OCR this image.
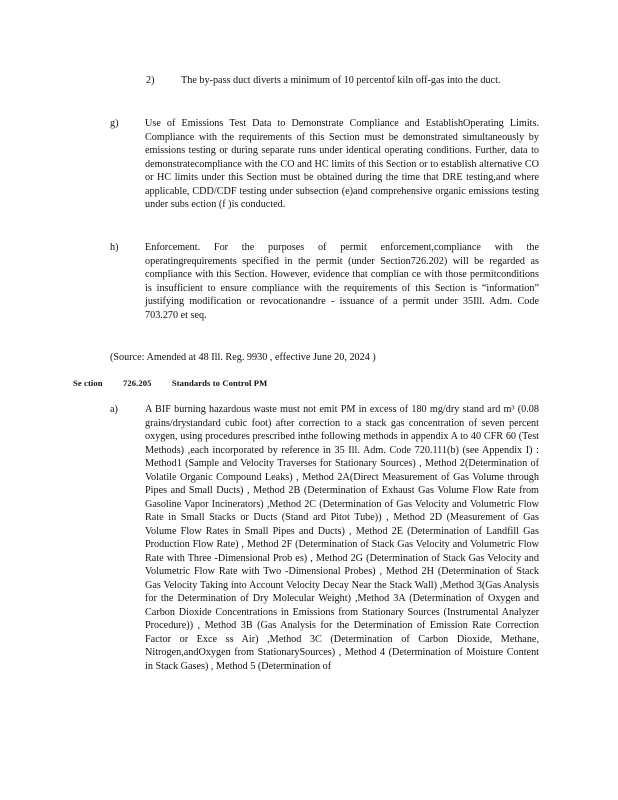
2)	The by-pass duct diverts a minimum of 10 percentof kiln off-gas into the duct.
g)	Use of Emissions Test Data to Demonstrate Compliance and EstablishOperating Limits. Compliance with the requirements of this Section must be demonstrated simultaneously by emissions testing or during separate runs under identical operating conditions. Further, data to demonstratecompliance with the CO and HC limits of this Section or to establish alternative CO or HC limits under this Section must be obtained during the time that DRE testing,and where applicable, CDD/CDF testing under subsection (e)and comprehensive organic emissions testing under subs ection (f )is conducted.
h)	Enforcement. For the purposes of permit enforcement,compliance with the operatingrequirements specified in the permit (under Section726.202) will be regarded as compliance with this Section. However, evidence that complian ce with those permitconditions is insufficient to ensure compliance with the requirements of this Section is “information” justifying modification or revocationandre - issuance of a permit under 35Ill. Adm. Code 703.270 et seq.
(Source: Amended at 48 Ill. Reg. 9930 , effective June 20, 2024 )
Se ction 726.205 Standards to Control PM
a)	A BIF burning hazardous waste must not emit PM in excess of 180 mg/dry stand ard m³ (0.08 grains/drystandard cubic foot) after correction to a stack gas concentration of seven percent oxygen, using procedures prescribed inthe following methods in appendix A to 40 CFR 60 (Test Methods) ,each incorporated by reference in 35 Ill. Adm. Code 720.111(b) (see Appendix I) : Method1 (Sample and Velocity Traverses for Stationary Sources) , Method 2(Determination of Volatile Organic Compound Leaks) , Method 2A(Direct Measurement of Gas Volume through Pipes and Small Ducts) , Method 2B (Determination of Exhaust Gas Volume Flow Rate from Gasoline Vapor Incinerators) ,Method 2C (Determination of Gas Velocity and Volumetric Flow Rate in Small Stacks or Ducts (Stand ard Pitot Tube)) , Method 2D (Measurement of Gas Volume Flow Rates in Small Pipes and Ducts) , Method 2E (Determination of Landfill Gas Production Flow Rate) , Method 2F (Determination of Stack Gas Velocity and Volumetric Flow Rate with Three -Dimensional Prob es) , Method 2G (Determination of Stack Gas Velocity and Volumetric Flow Rate with Two -Dimensional Probes) , Method 2H (Determination of Stack Gas Velocity Taking into Account Velocity Decay Near the Stack Wall) ,Method 3(Gas Analysis for the Determination of Dry Molecular Weight) ,Method 3A (Determination of Oxygen and Carbon Dioxide Concentrations in Emissions from Stationary Sources (Instrumental Analyzer Procedure)) , Method 3B (Gas Analysis for the Determination of Emission Rate Correction Factor or Exce ss Air) ,Method 3C (Determination of Carbon Dioxide, Methane, Nitrogen,andOxygen from StationarySources) , Method 4 (Determination of Moisture Content in Stack Gases) , Method 5 (Determination of
